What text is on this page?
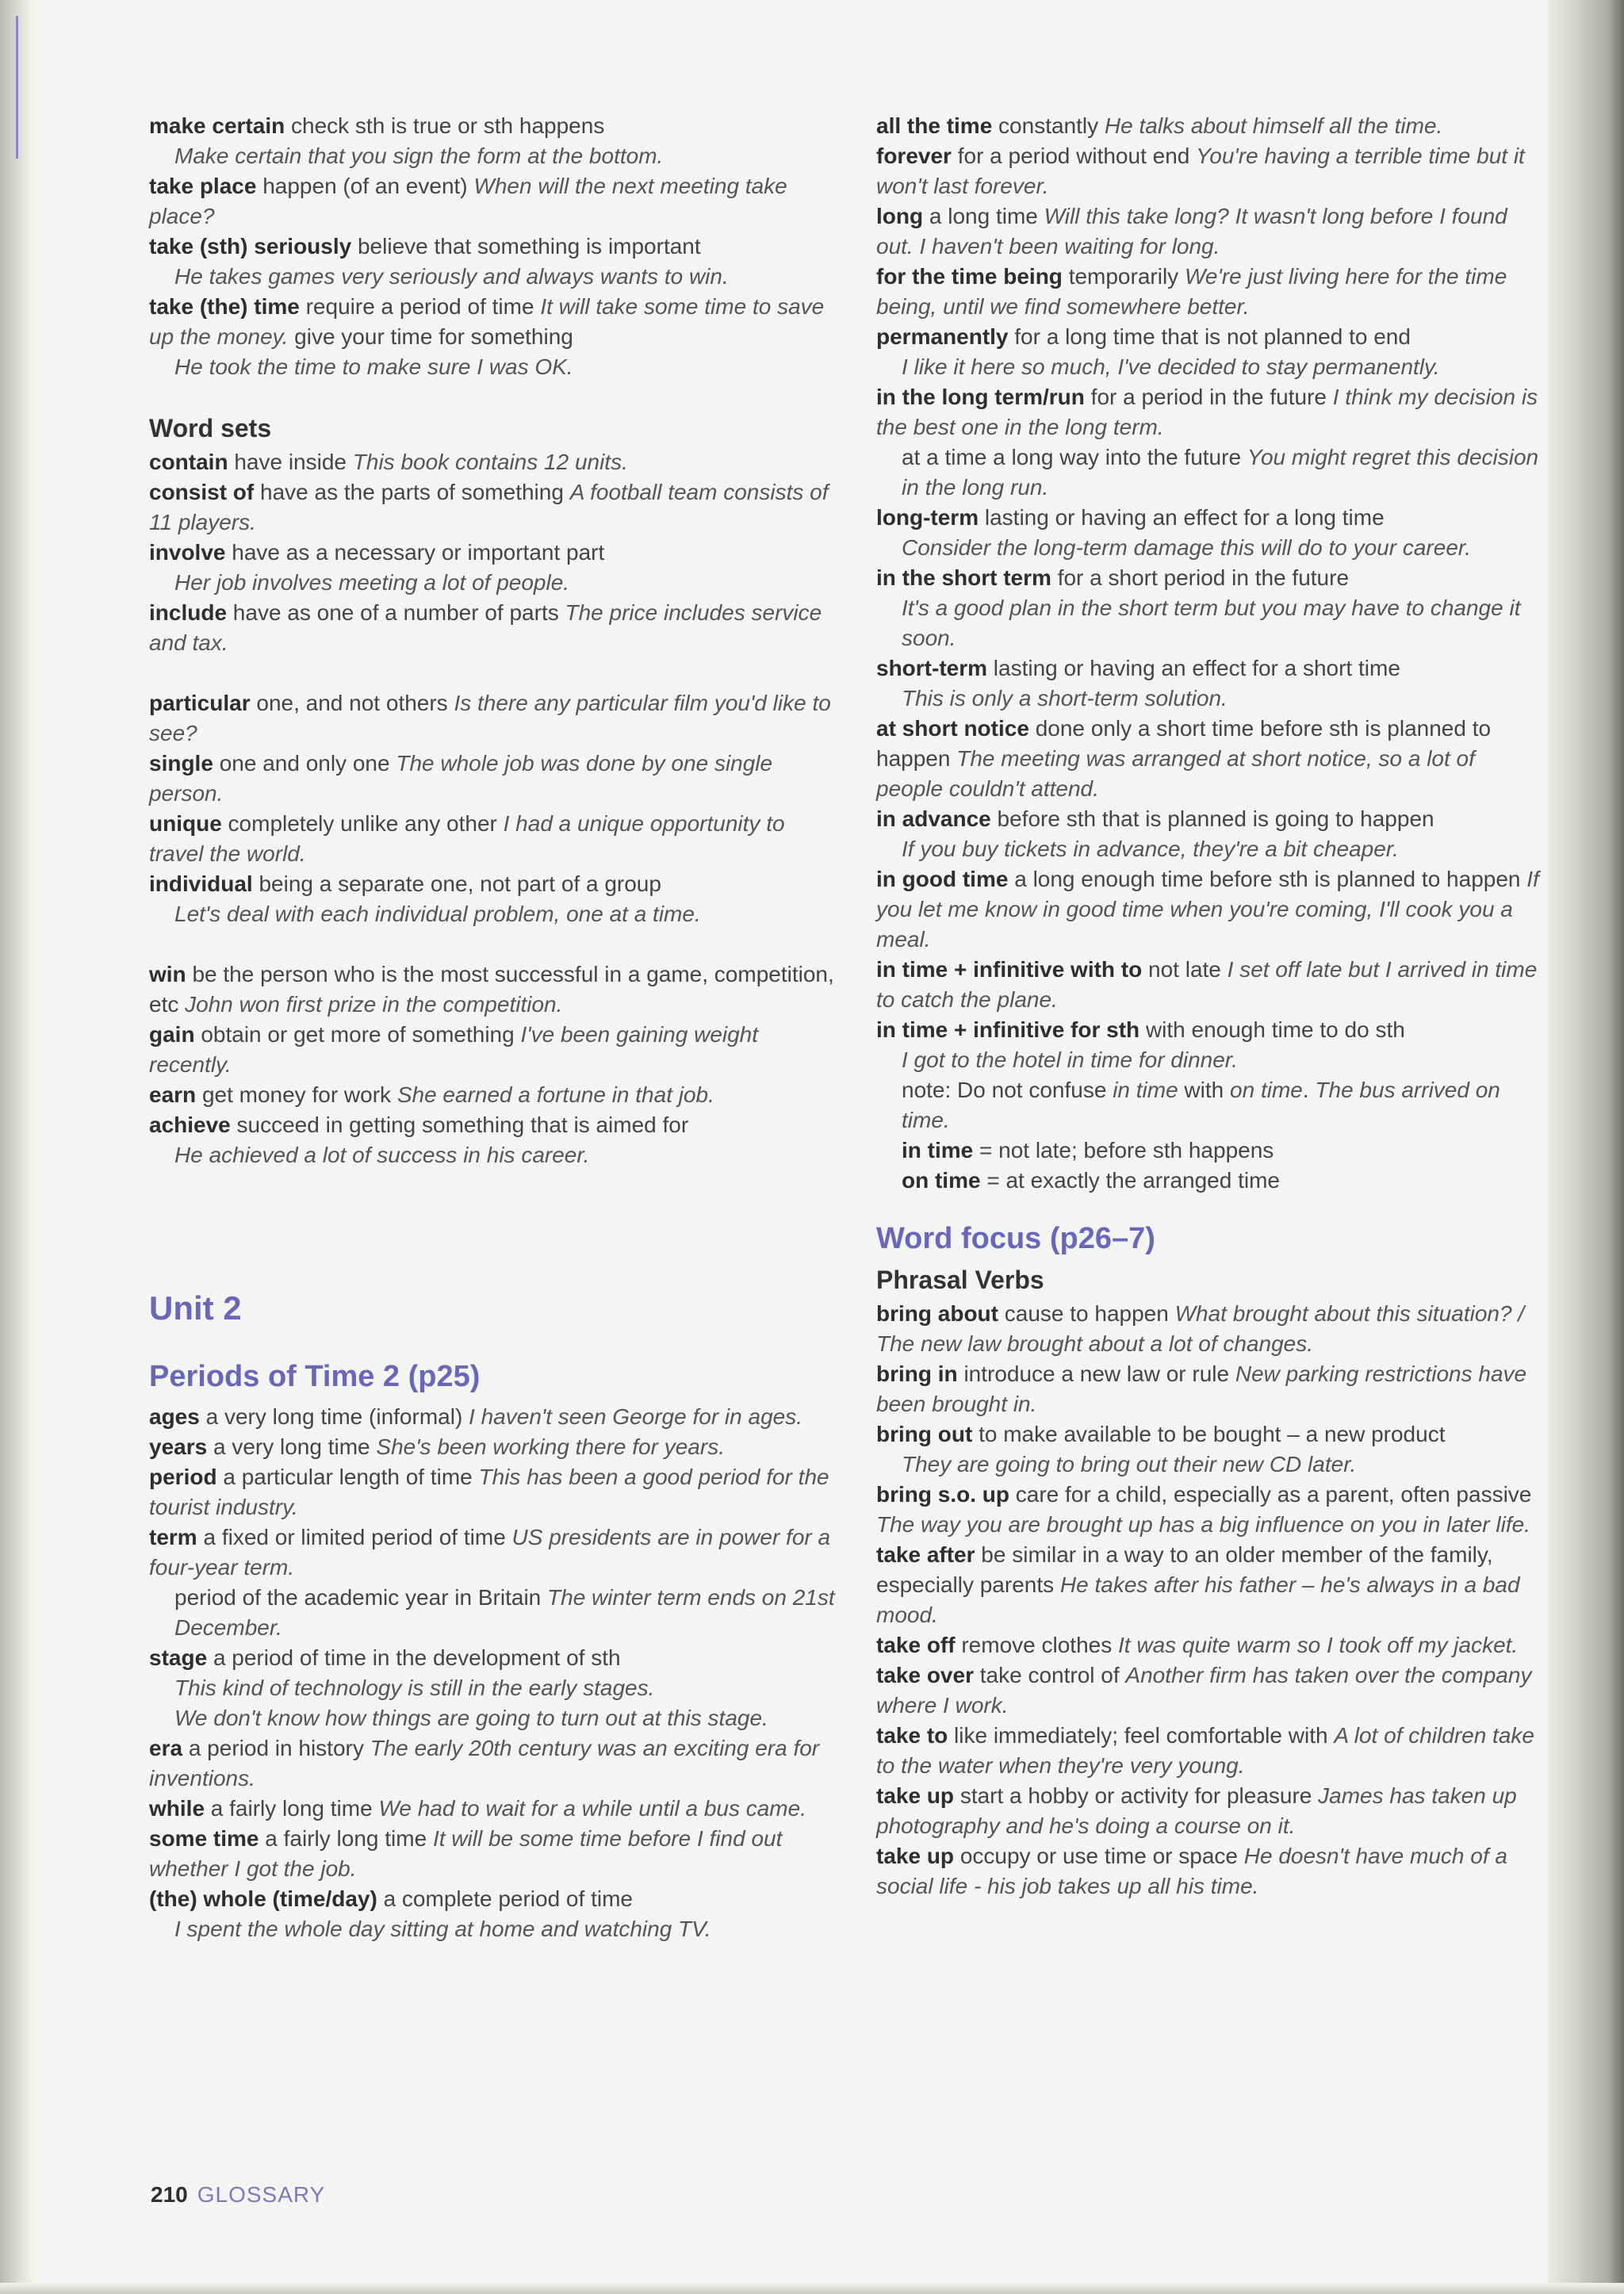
make certain check sth is true or sth happens
Make certain that you sign the form at the bottom.
take place happen (of an event) When will the next meeting take place?
take (sth) seriously believe that something is important
He takes games very seriously and always wants to win.
take (the) time require a period of time It will take some time to save up the money. give your time for something
He took the time to make sure I was OK.
Word sets
contain have inside This book contains 12 units.
consist of have as the parts of something A football team consists of 11 players.
involve have as a necessary or important part
Her job involves meeting a lot of people.
include have as one of a number of parts The price includes service and tax.
particular one, and not others Is there any particular film you'd like to see?
single one and only one The whole job was done by one single person.
unique completely unlike any other I had a unique opportunity to travel the world.
individual being a separate one, not part of a group
Let's deal with each individual problem, one at a time.
win be the person who is the most successful in a game, competition, etc John won first prize in the competition.
gain obtain or get more of something I've been gaining weight recently.
earn get money for work She earned a fortune in that job.
achieve succeed in getting something that is aimed for
He achieved a lot of success in his career.
Unit 2
Periods of Time 2 (p25)
ages a very long time (informal) I haven't seen George for in ages.
years a very long time She's been working there for years.
period a particular length of time This has been a good period for the tourist industry.
term a fixed or limited period of time US presidents are in power for a four-year term.
period of the academic year in Britain The winter term ends on 21st December.
stage a period of time in the development of sth
This kind of technology is still in the early stages.
We don't know how things are going to turn out at this stage.
era a period in history The early 20th century was an exciting era for inventions.
while a fairly long time We had to wait for a while until a bus came.
some time a fairly long time It will be some time before I find out whether I got the job.
(the) whole (time/day) a complete period of time
I spent the whole day sitting at home and watching TV.
all the time constantly He talks about himself all the time.
forever for a period without end You're having a terrible time but it won't last forever.
long a long time Will this take long? It wasn't long before I found out. I haven't been waiting for long.
for the time being temporarily We're just living here for the time being, until we find somewhere better.
permanently for a long time that is not planned to end
I like it here so much, I've decided to stay permanently.
in the long term/run for a period in the future I think my decision is the best one in the long term.
at a time a long way into the future You might regret this decision in the long run.
long-term lasting or having an effect for a long time
Consider the long-term damage this will do to your career.
in the short term for a short period in the future
It's a good plan in the short term but you may have to change it soon.
short-term lasting or having an effect for a short time
This is only a short-term solution.
at short notice done only a short time before sth is planned to happen The meeting was arranged at short notice, so a lot of people couldn't attend.
in advance before sth that is planned is going to happen
If you buy tickets in advance, they're a bit cheaper.
in good time a long enough time before sth is planned to happen If you let me know in good time when you're coming, I'll cook you a meal.
in time + infinitive with to not late I set off late but I arrived in time to catch the plane.
in time + infinitive for sth with enough time to do sth
I got to the hotel in time for dinner.
note: Do not confuse in time with on time. The bus arrived on time.
in time = not late; before sth happens
on time = at exactly the arranged time
Word focus (p26–7)
Phrasal Verbs
bring about cause to happen What brought about this situation? / The new law brought about a lot of changes.
bring in introduce a new law or rule New parking restrictions have been brought in.
bring out to make available to be bought – a new product
They are going to bring out their new CD later.
bring s.o. up care for a child, especially as a parent, often passive The way you are brought up has a big influence on you in later life.
take after be similar in a way to an older member of the family, especially parents He takes after his father – he's always in a bad mood.
take off remove clothes It was quite warm so I took off my jacket.
take over take control of Another firm has taken over the company where I work.
take to like immediately; feel comfortable with A lot of children take to the water when they're very young.
take up start a hobby or activity for pleasure James has taken up photography and he's doing a course on it.
take up occupy or use time or space He doesn't have much of a social life - his job takes up all his time.
210 GLOSSARY
